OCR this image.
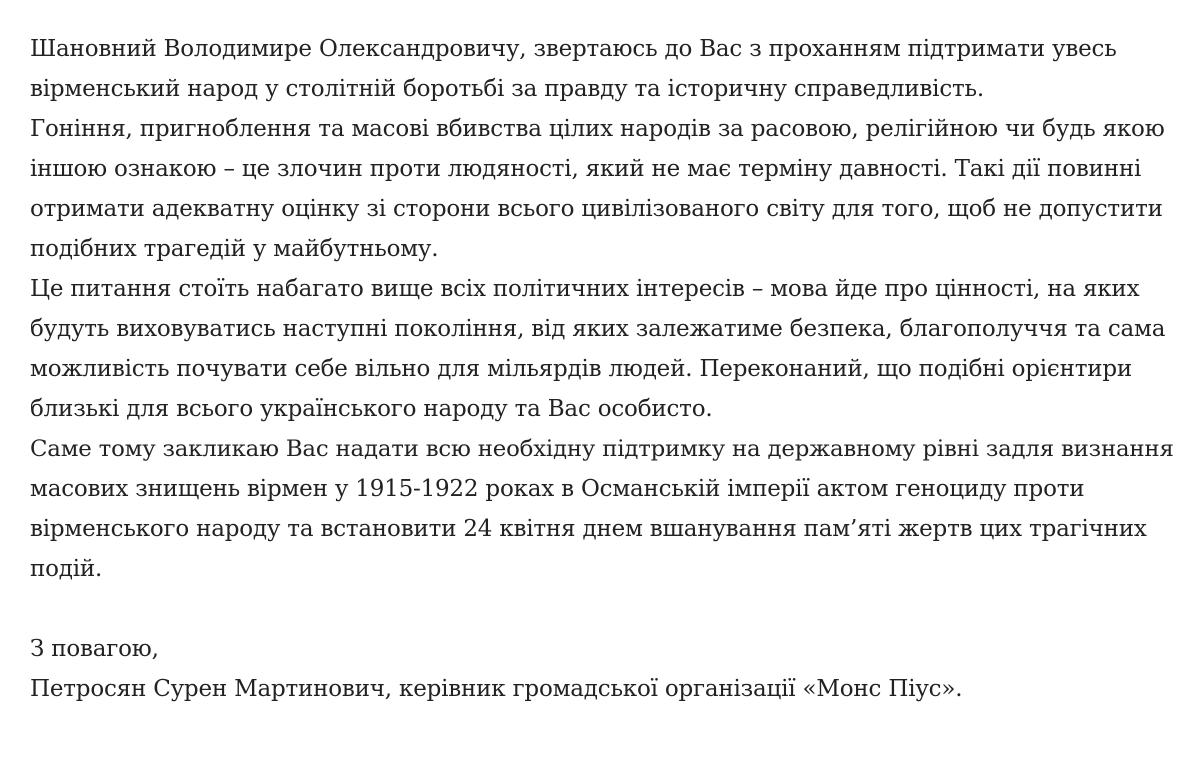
Шановний Володимире Олександровичу, звертаюсь до Вас з проханням підтримати увесь
вірменський народ у столітній боротьбі за правду та історичну справедливість.
Гоніння, пригноблення та масові вбивства цілих народів за расовою, релігійною чи будь якою
іншою ознакою – це злочин проти людяності, який не має терміну давності. Такі дії повинні
отримати адекватну оцінку зі сторони всього цивілізованого світу для того, щоб не допустити
подібних трагедій у майбутньому.
Це питання стоїть набагато вище всіх політичних інтересів – мова йде про цінності, на яких
будуть виховуватись наступні покоління, від яких залежатиме безпека, благополуччя та сама
можливість почувати себе вільно для мільярдів людей. Переконаний, що подібні орієнтири
близькі для всього українського народу та Вас особисто.
Саме тому закликаю Вас надати всю необхідну підтримку на державному рівні задля визнання
масових знищень вірмен у 1915-1922 роках в Османській імперії актом геноциду проти
вірменського народу та встановити 24 квітня днем вшанування пам’яті жертв цих трагічних
подій.
З повагою,
Петросян Сурен Мартинович, керівник громадської організації «Монс Піус».
